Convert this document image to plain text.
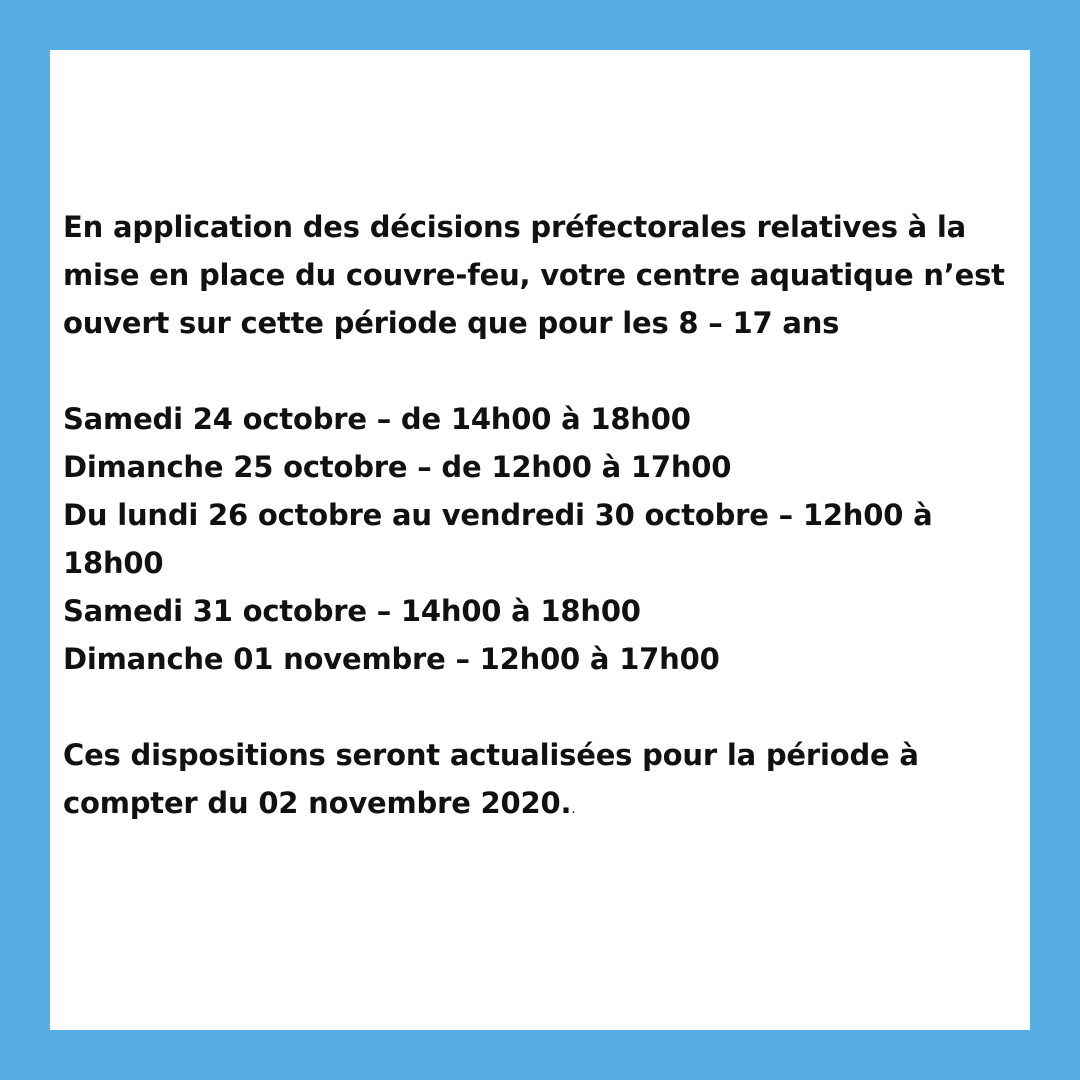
En application des décisions préfectorales relatives à la mise en place du couvre-feu, votre centre aquatique n’est ouvert sur cette période que pour les 8 – 17 ans

Samedi 24 octobre – de 14h00 à 18h00
Dimanche 25 octobre – de 12h00 à 17h00
Du lundi 26 octobre au vendredi 30 octobre – 12h00 à 18h00
Samedi 31 octobre – 14h00 à 18h00
Dimanche 01 novembre – 12h00 à 17h00

Ces dispositions seront actualisées pour la période à compter du 02 novembre 2020..
